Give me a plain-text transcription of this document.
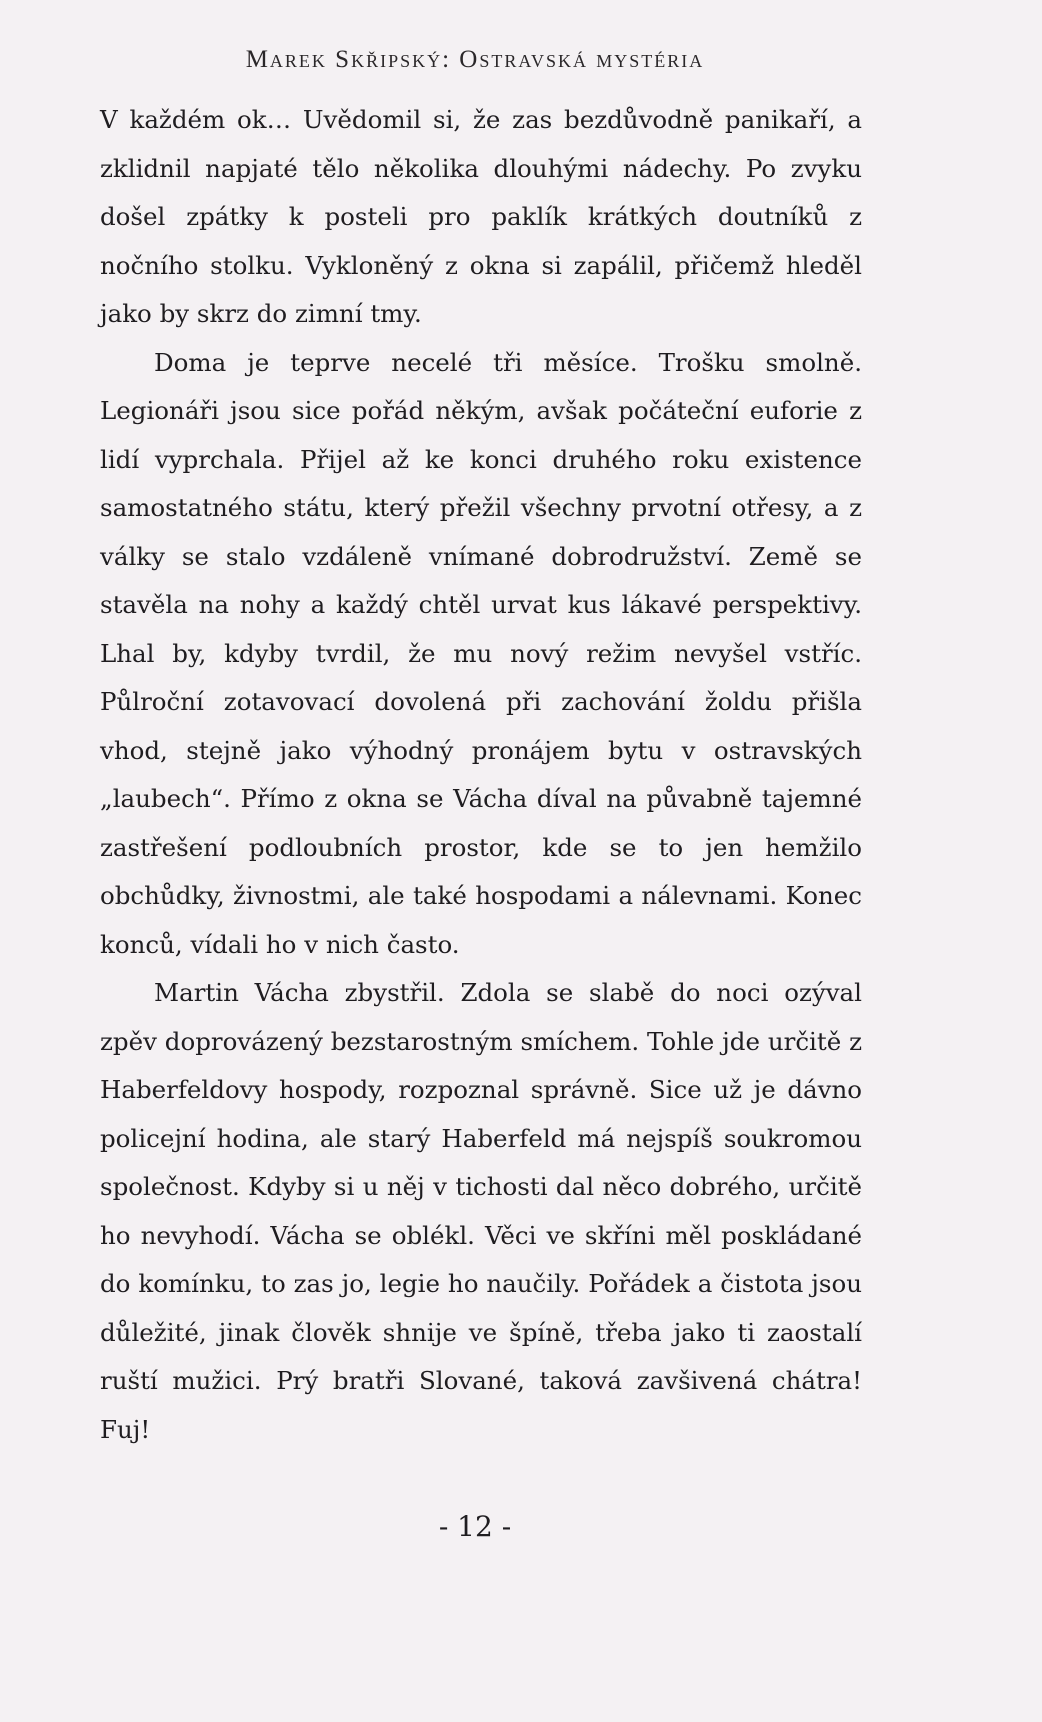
Marek Skřipský: Ostravská mystéria

V každém ok… Uvědomil si, že zas bezdůvodně panikaří, a zklidnil napjaté tělo několika dlouhými nádechy. Po zvyku došel zpátky k posteli pro paklík krátkých doutníků z nočního stolku. Vykloněný z okna si zapálil, přičemž hleděl jako by skrz do zimní tmy.

Doma je teprve necelé tři měsíce. Trošku smolně. Legionáři jsou sice pořád někým, avšak počáteční euforie z lidí vyprchala. Přijel až ke konci druhého roku existence samostatného státu, který přežil všechny prvotní otřesy, a z války se stalo vzdáleně vnímané dobrodružství. Země se stavěla na nohy a každý chtěl urvat kus lákavé perspektivy. Lhal by, kdyby tvrdil, že mu nový režim nevyšel vstříc. Půlroční zotavovací dovolená při zachování žoldu přišla vhod, stejně jako výhodný pronájem bytu v ostravských „laubech“. Přímo z okna se Vácha díval na půvabně tajemné zastřešení podloubních prostor, kde se to jen hemžilo obchůdky, živnostmi, ale také hospodami a nálevnami. Konec konců, vídali ho v nich často.

Martin Vácha zbystřil. Zdola se slabě do noci ozýval zpěv doprovázený bezstarostným smíchem. Tohle jde určitě z Haberfeldovy hospody, rozpoznal správně. Sice už je dávno policejní hodina, ale starý Haberfeld má nejspíš soukromou společnost. Kdyby si u něj v tichosti dal něco dobrého, určitě ho nevyhodí. Vácha se oblékl. Věci ve skříni měl poskládané do komínku, to zas jo, legie ho naučily. Pořádek a čistota jsou důležité, jinak člověk shnije ve špíně, třeba jako ti zaostalí ruští mužici. Prý bratři Slované, taková zavšivená chátra! Fuj!

- 12 -
